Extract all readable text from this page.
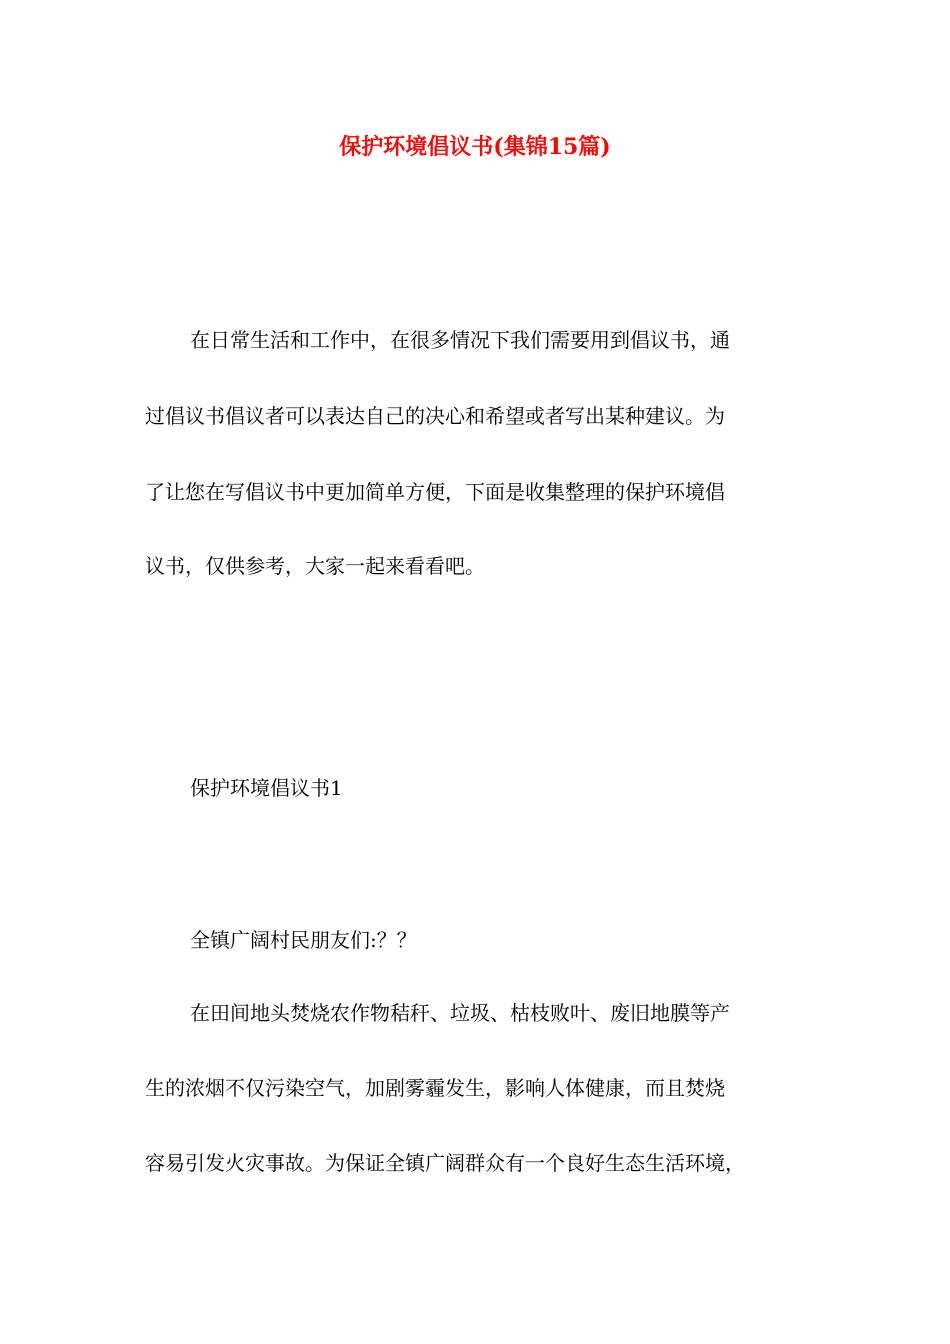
保护环境倡议书(集锦15篇)
在日常生活和工作中，在很多情况下我们需要用到倡议书，通
过倡议书倡议者可以表达自己的决心和希望或者写出某种建议。为
了让您在写倡议书中更加简单方便，下面是收集整理的保护环境倡
议书，仅供参考，大家一起来看看吧。
保护环境倡议书1
全镇广阔村民朋友们:？？
在田间地头焚烧农作物秸秆、垃圾、枯枝败叶、废旧地膜等产
生的浓烟不仅污染空气，加剧雾霾发生，影响人体健康，而且焚烧
容易引发火灾事故。为保证全镇广阔群众有一个良好生态生活环境，
